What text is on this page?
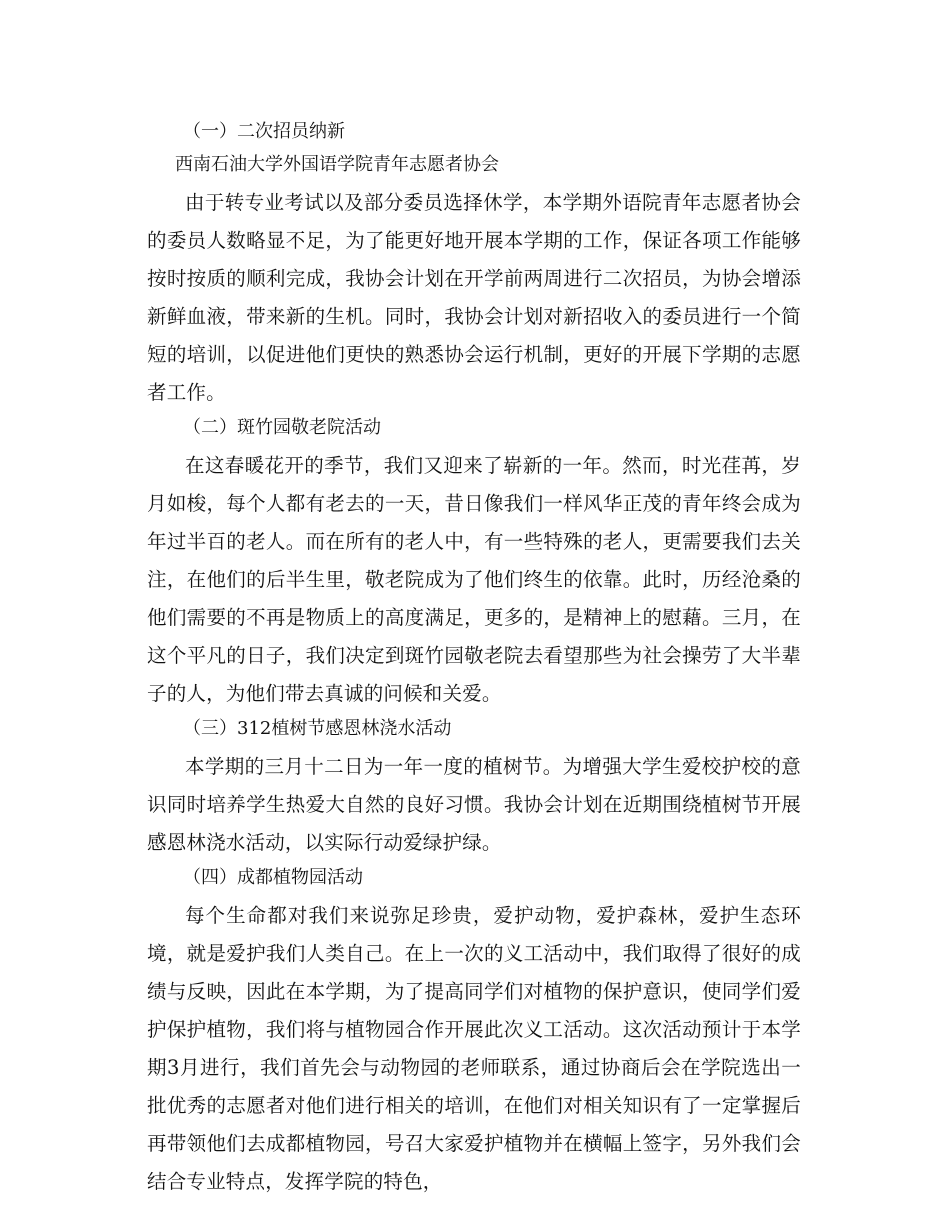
（一）二次招员纳新
西南石油大学外国语学院青年志愿者协会

由于转专业考试以及部分委员选择休学，本学期外语院青年志愿者协会的委员人数略显不足，为了能更好地开展本学期的工作，保证各项工作能够按时按质的顺利完成，我协会计划在开学前两周进行二次招员，为协会增添新鲜血液，带来新的生机。同时，我协会计划对新招收入的委员进行一个简短的培训，以促进他们更快的熟悉协会运行机制，更好的开展下学期的志愿者工作。

（二）斑竹园敬老院活动

在这春暖花开的季节，我们又迎来了崭新的一年。然而，时光荏苒，岁月如梭，每个人都有老去的一天，昔日像我们一样风华正茂的青年终会成为年过半百的老人。而在所有的老人中，有一些特殊的老人，更需要我们去关注，在他们的后半生里，敬老院成为了他们终生的依靠。此时，历经沧桑的他们需要的不再是物质上的高度满足，更多的，是精神上的慰藉。三月，在这个平凡的日子，我们决定到斑竹园敬老院去看望那些为社会操劳了大半辈子的人，为他们带去真诚的问候和关爱。

（三）312植树节感恩林浇水活动

本学期的三月十二日为一年一度的植树节。为增强大学生爱校护校的意识同时培养学生热爱大自然的良好习惯。我协会计划在近期围绕植树节开展感恩林浇水活动，以实际行动爱绿护绿。

（四）成都植物园活动

每个生命都对我们来说弥足珍贵，爱护动物，爱护森林，爱护生态环境，就是爱护我们人类自己。在上一次的义工活动中，我们取得了很好的成绩与反映，因此在本学期，为了提高同学们对植物的保护意识，使同学们爱护保护植物，我们将与植物园合作开展此次义工活动。这次活动预计于本学期3月进行，我们首先会与动物园的老师联系，通过协商后会在学院选出一批优秀的志愿者对他们进行相关的培训，在他们对相关知识有了一定掌握后再带领他们去成都植物园，号召大家爱护植物并在横幅上签字，另外我们会结合专业特点，发挥学院的特色，
